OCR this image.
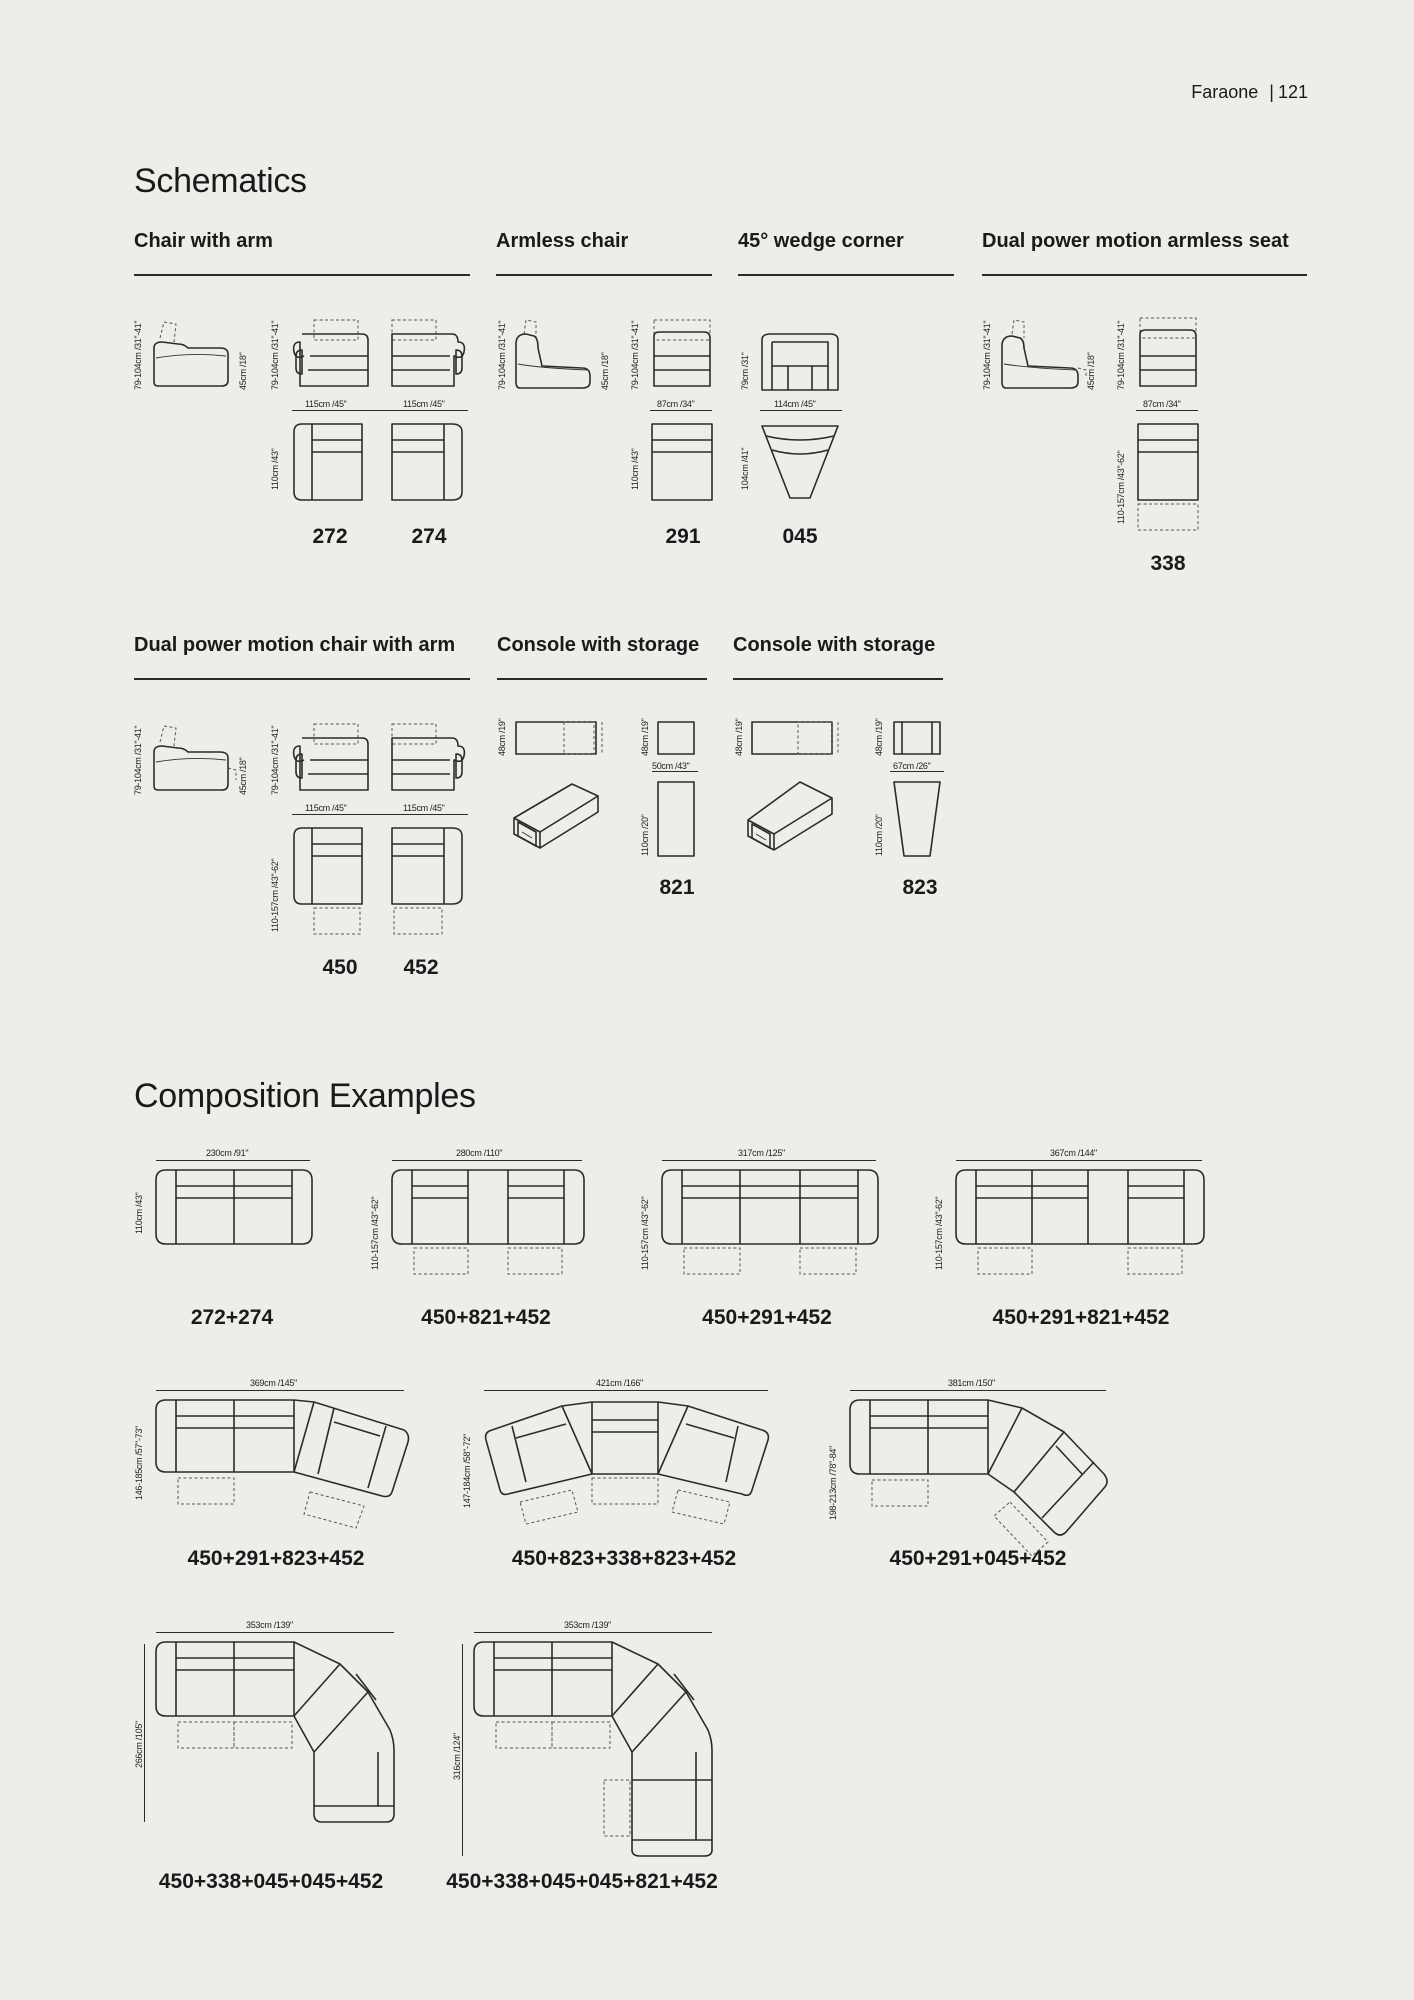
Faraone | 121
Schematics
Chair with arm	Armless chair	45° wedge corner	Dual power motion armless seat
Dual power motion chair with arm Console with storage Console with storage
79-104cm /31"-41"	45cm /18" 79-104cm /31"-41"
115cm /45"	115cm /45"
110cm /43"
272	274
79-104cm /31"-41"	45cm /18" 79-104cm /31"-41"
87cm /34"
110cm /43"
291
79cm /31"
114cm /45"
104cm /41"
045
79-104cm /31"-41"	45cm /18" 79-104cm /31"-41"
87cm /34"
110-157cm /43"-62"
338
79-104cm /31"-41"	45cm /18" 79-104cm /31"-41"
115cm /45"	115cm /45"
110-157cm /43"-62"
450	452
48cm /19"	48cm /19"
50cm /43"
110cm /20"
821
48cm /19"	48cm /19"
67cm /26"
110cm /20"
823
Composition Examples
230cm /91"
110cm /43"
272+274
280cm /110"
110-157cm /43"-62"
450+821+452
317cm /125"
110-157cm /43"-62"
450+291+452
367cm /144"
110-157cm /43"-62"
450+291+821+452
369cm /145"
146-185cm /57"-73"
450+291+823+452
421cm /166"
147-184cm /58"-72"
450+823+338+823+452
381cm /150"
198-213cm /78"-84"
450+291+045+452
353cm /139"
266cm /105"
450+338+045+045+452
353cm /139"
316cm /124"
450+338+045+045+821+452
